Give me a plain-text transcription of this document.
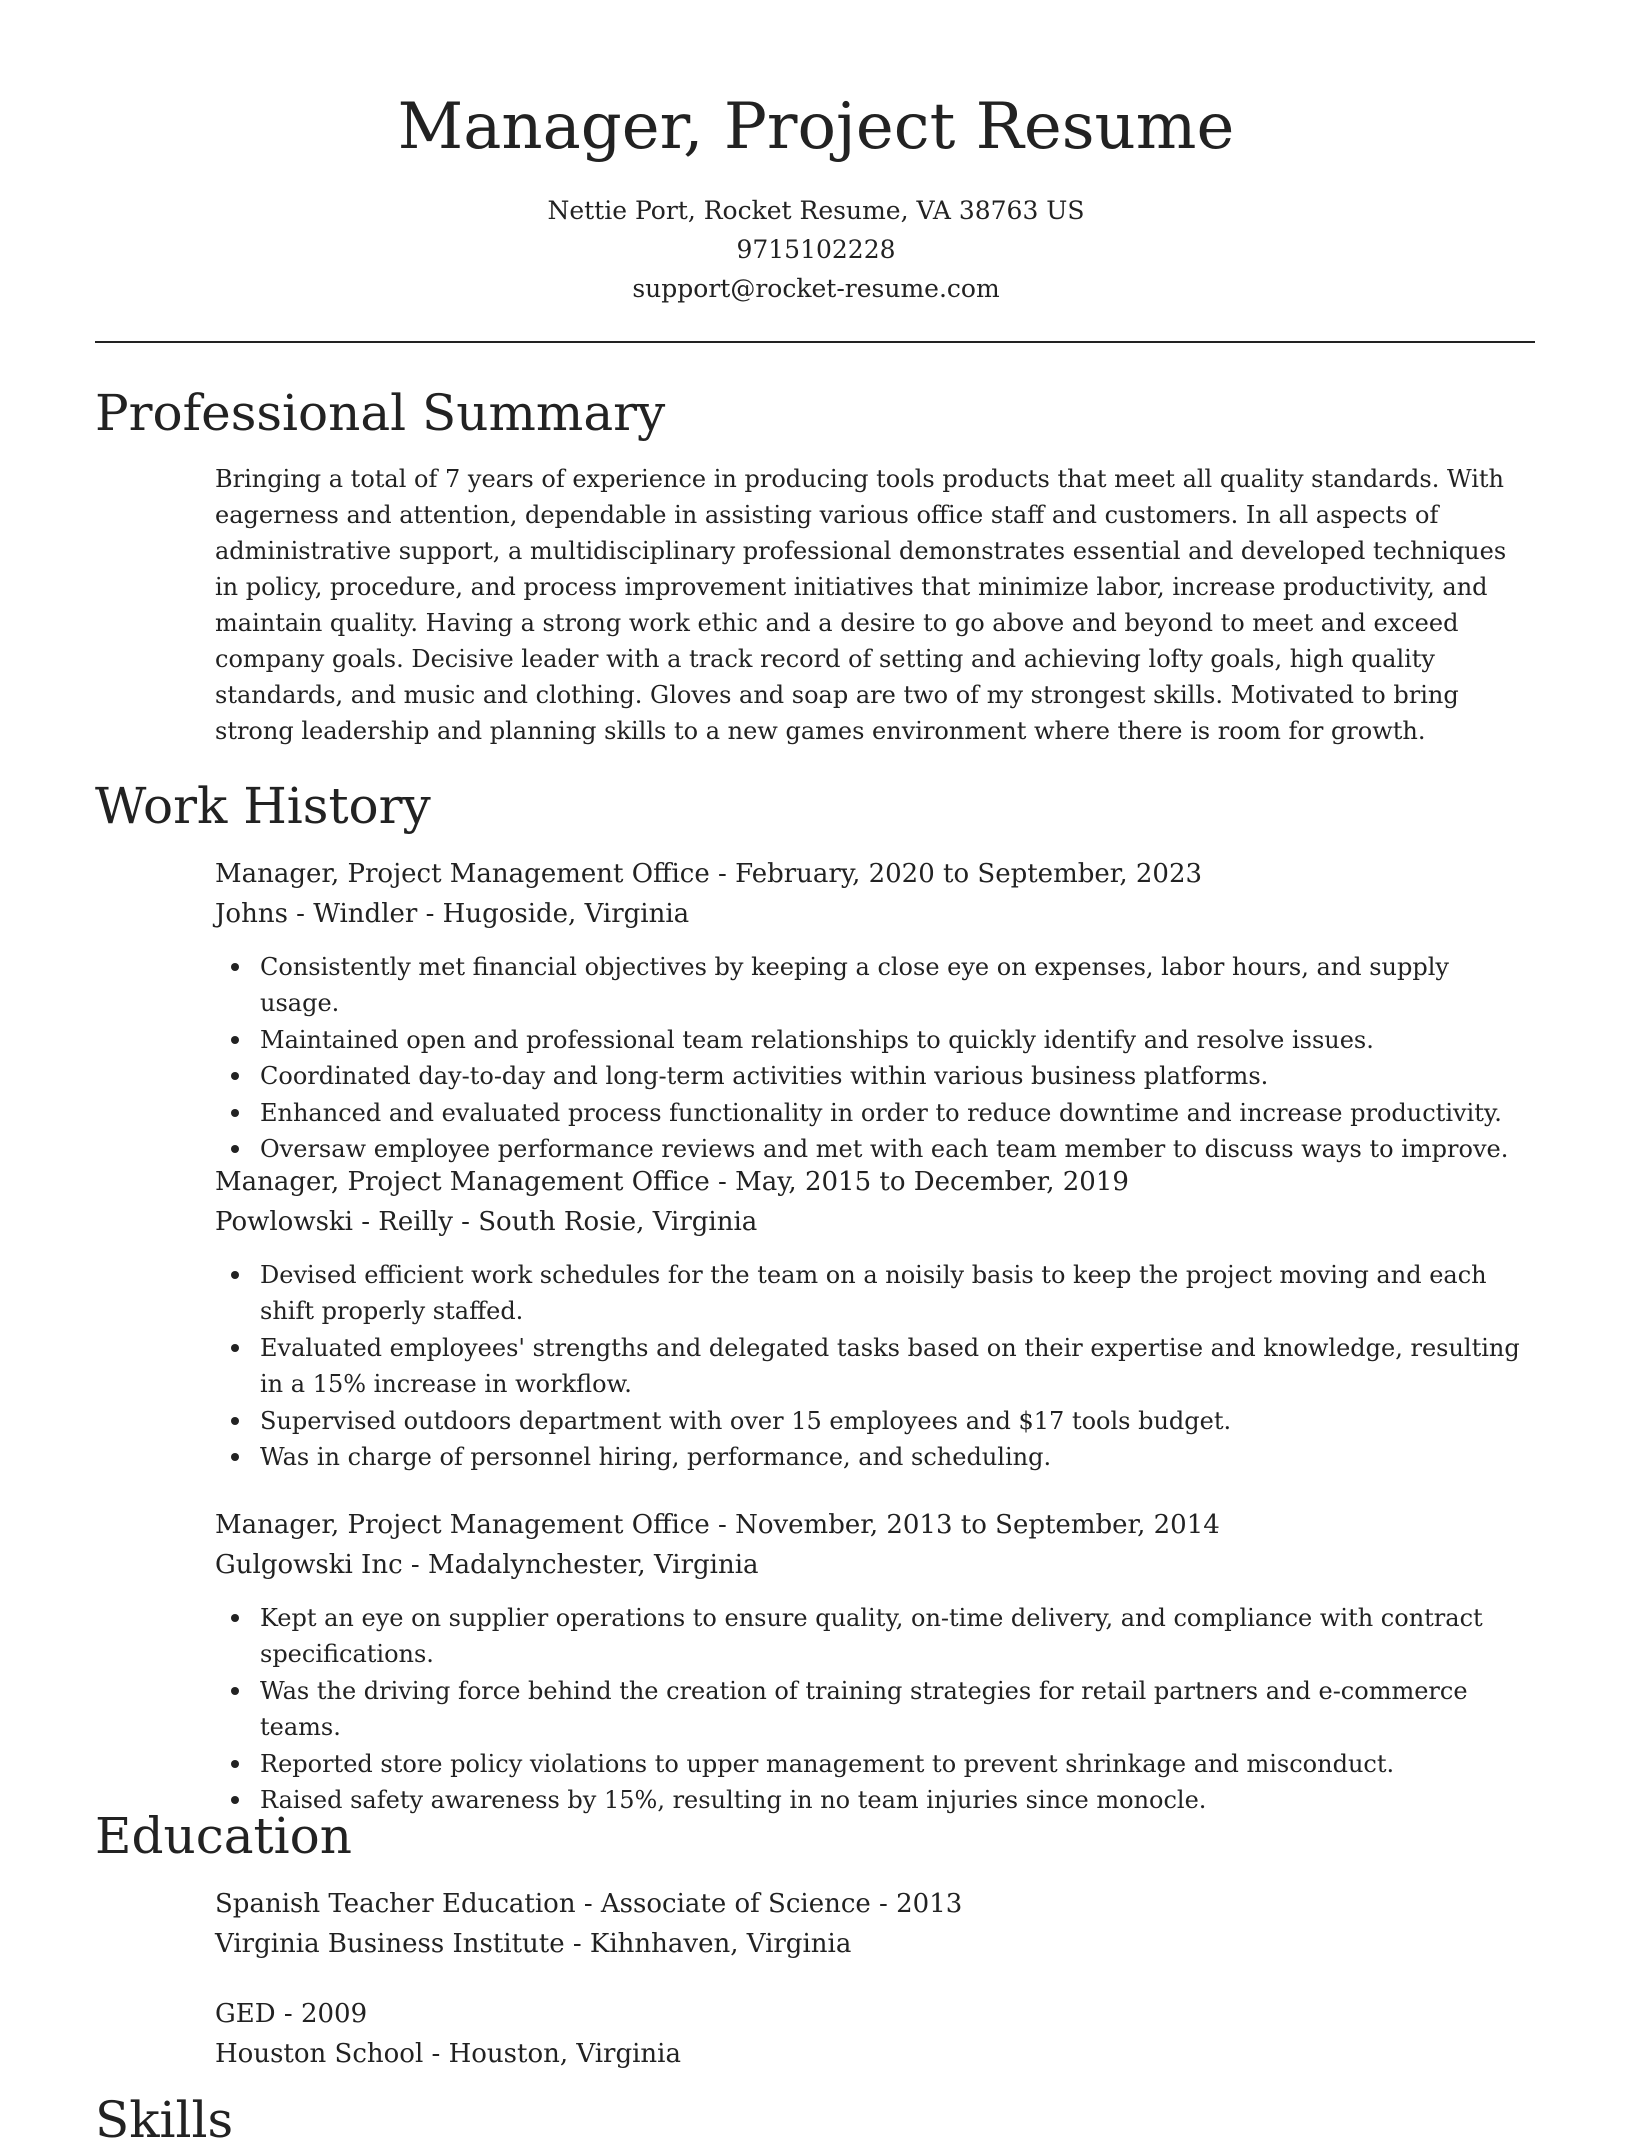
Manager, Project Resume
Nettie Port, Rocket Resume, VA 38763 US
9715102228
support@rocket-resume.com
Professional Summary

Bringing a total of 7 years of experience in producing tools products that meet all quality standards. With eagerness and attention, dependable in assisting various office staff and customers. In all aspects of administrative support, a multidisciplinary professional demonstrates essential and developed techniques in policy, procedure, and process improvement initiatives that minimize labor, increase productivity, and maintain quality. Having a strong work ethic and a desire to go above and beyond to meet and exceed company goals. Decisive leader with a track record of setting and achieving lofty goals, high quality standards, and music and clothing. Gloves and soap are two of my strongest skills. Motivated to bring strong leadership and planning skills to a new games environment where there is room for growth.

Work History
Manager, Project Management Office - February, 2020 to September, 2023
Johns - Windler - Hugoside, Virginia
Consistently met financial objectives by keeping a close eye on expenses, labor hours, and supply usage.
Maintained open and professional team relationships to quickly identify and resolve issues.
Coordinated day-to-day and long-term activities within various business platforms.
Enhanced and evaluated process functionality in order to reduce downtime and increase productivity.
Oversaw employee performance reviews and met with each team member to discuss ways to improve.
Manager, Project Management Office - May, 2015 to December, 2019
Powlowski - Reilly - South Rosie, Virginia
Devised efficient work schedules for the team on a noisily basis to keep the project moving and each shift properly staffed.
Evaluated employees' strengths and delegated tasks based on their expertise and knowledge, resulting in a 15% increase in workflow.
Supervised outdoors department with over 15 employees and $17 tools budget.
Was in charge of personnel hiring, performance, and scheduling.
Manager, Project Management Office - November, 2013 to September, 2014
Gulgowski Inc - Madalynchester, Virginia
Kept an eye on supplier operations to ensure quality, on-time delivery, and compliance with contract specifications.
Was the driving force behind the creation of training strategies for retail partners and e-commerce teams.
Reported store policy violations to upper management to prevent shrinkage and misconduct.
Raised safety awareness by 15%, resulting in no team injuries since monocle.
Education
Spanish Teacher Education - Associate of Science - 2013
Virginia Business Institute - Kihnhaven, Virginia
GED - 2009
Houston School - Houston, Virginia
Skills
